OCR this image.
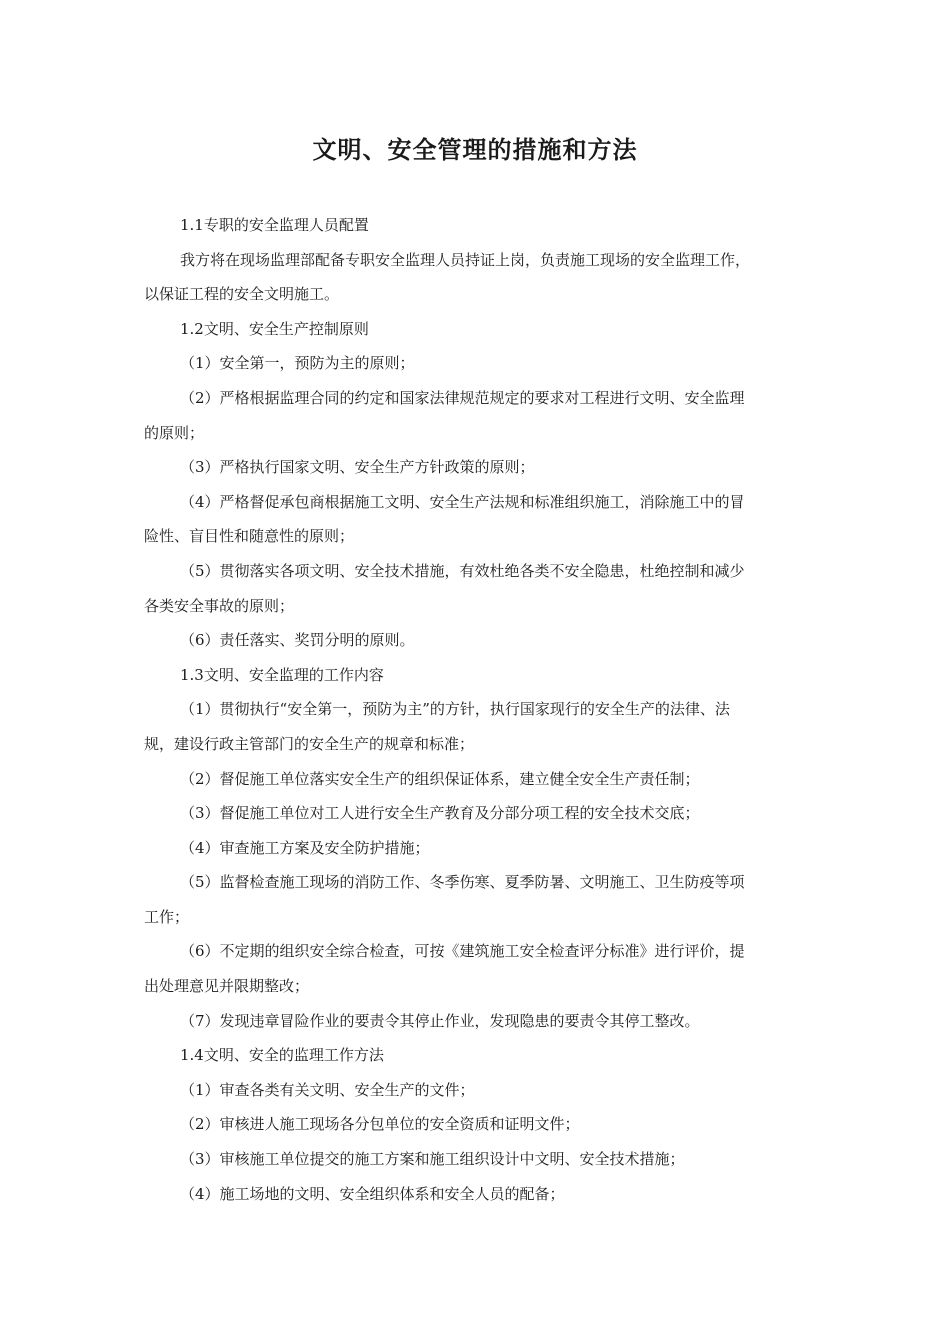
文明、安全管理的措施和方法
1.1专职的安全监理人员配置
我方将在现场监理部配备专职安全监理人员持证上岗，负责施工现场的安全监理工作，
以保证工程的安全文明施工。
1.2文明、安全生产控制原则
（1）安全第一，预防为主的原则；
（2）严格根据监理合同的约定和国家法律规范规定的要求对工程进行文明、安全监理
的原则；
（3）严格执行国家文明、安全生产方针政策的原则；
（4）严格督促承包商根据施工文明、安全生产法规和标准组织施工，消除施工中的冒
险性、盲目性和随意性的原则；
（5）贯彻落实各项文明、安全技术措施，有效杜绝各类不安全隐患，杜绝控制和减少
各类安全事故的原则；
（6）责任落实、奖罚分明的原则。
1.3文明、安全监理的工作内容
（1）贯彻执行“安全第一，预防为主”的方针，执行国家现行的安全生产的法律、法
规，建设行政主管部门的安全生产的规章和标准；
（2）督促施工单位落实安全生产的组织保证体系，建立健全安全生产责任制；
（3）督促施工单位对工人进行安全生产教育及分部分项工程的安全技术交底；
（4）审查施工方案及安全防护措施；
（5）监督检查施工现场的消防工作、冬季伤寒、夏季防暑、文明施工、卫生防疫等项
工作；
（6）不定期的组织安全综合检查，可按《建筑施工安全检查评分标准》进行评价，提
出处理意见并限期整改；
（7）发现违章冒险作业的要责令其停止作业，发现隐患的要责令其停工整改。
1.4文明、安全的监理工作方法
（1）审查各类有关文明、安全生产的文件；
（2）审核进人施工现场各分包单位的安全资质和证明文件；
（3）审核施工单位提交的施工方案和施工组织设计中文明、安全技术措施；
（4）施工场地的文明、安全组织体系和安全人员的配备；
